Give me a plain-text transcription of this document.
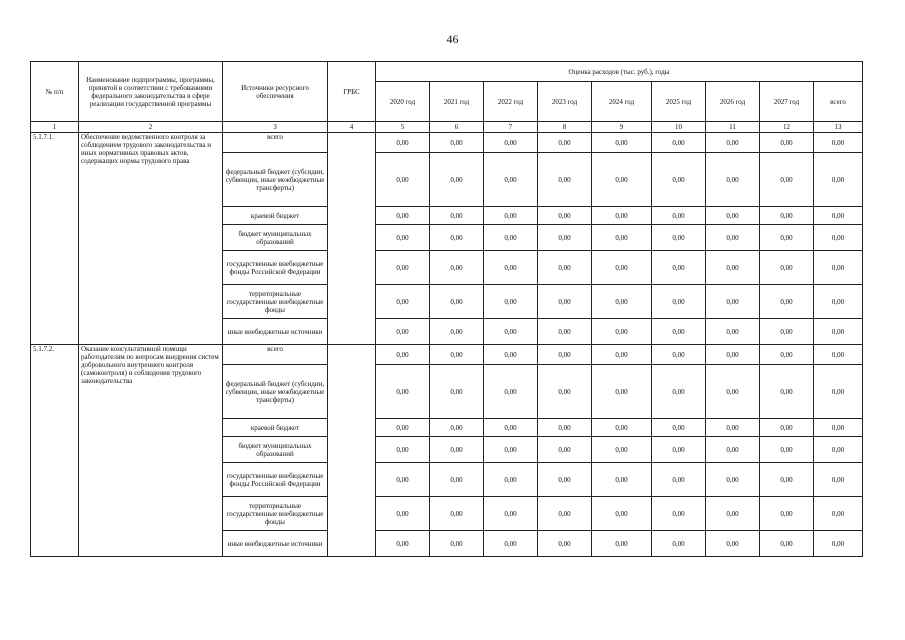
46
№ п/п	Наименование подпрограммы, программы, принятой в соответствии с требованиями федерального законодательства в сфере реализации государственной программы	Источники ресурсного обеспечения	ГРБС	Оценка расходов (тыс. руб.), годы								
				2020 год	2021 год	2022 год	2023 год	2024 год	2025 год	2026 год	2027 год	всего
1	2	3	4	5	6	7	8	9	10	11	12	13
5.1.7.1.	Обеспечение ведомственного контроля за соблюдением трудового законодательства и иных нормативных правовых актов, содержащих нормы трудового права	всего		0,00	0,00	0,00	0,00	0,00	0,00	0,00	0,00	0,00
		федеральный бюджет (субсидии, субвенции, иные межбюджетные трансферты)		0,00	0,00	0,00	0,00	0,00	0,00	0,00	0,00	0,00
		краевой бюджет		0,00	0,00	0,00	0,00	0,00	0,00	0,00	0,00	0,00
		бюджет муниципальных образований		0,00	0,00	0,00	0,00	0,00	0,00	0,00	0,00	0,00
		государственные внебюджетные фонды Российской Федерации		0,00	0,00	0,00	0,00	0,00	0,00	0,00	0,00	0,00
		территориальные государственные внебюджетные фонды		0,00	0,00	0,00	0,00	0,00	0,00	0,00	0,00	0,00
		иные внебюджетные источники		0,00	0,00	0,00	0,00	0,00	0,00	0,00	0,00	0,00
5.1.7.2.	Оказание консультативной помощи работодателям по вопросам внедрения систем добровольного внутреннего контроля (самоконтроля) и соблюдения трудового законодательства	всего		0,00	0,00	0,00	0,00	0,00	0,00	0,00	0,00	0,00
		федеральный бюджет (субсидии, субвенции, иные межбюджетные трансферты)		0,00	0,00	0,00	0,00	0,00	0,00	0,00	0,00	0,00
		краевой бюджет		0,00	0,00	0,00	0,00	0,00	0,00	0,00	0,00	0,00
		бюджет муниципальных образований		0,00	0,00	0,00	0,00	0,00	0,00	0,00	0,00	0,00
		государственные внебюджетные фонды Российской Федерации		0,00	0,00	0,00	0,00	0,00	0,00	0,00	0,00	0,00
		территориальные государственные внебюджетные фонды		0,00	0,00	0,00	0,00	0,00	0,00	0,00	0,00	0,00
		иные внебюджетные источники		0,00	0,00	0,00	0,00	0,00	0,00	0,00	0,00	0,00
